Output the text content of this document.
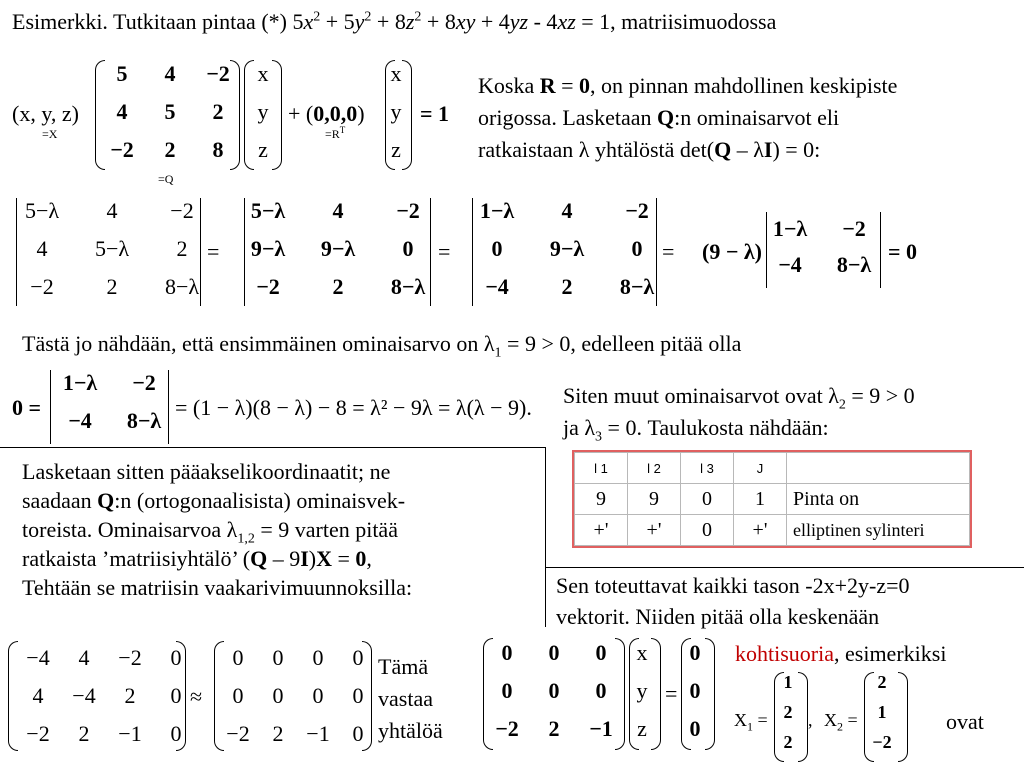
Esimerkki. Tutkitaan pintaa (*) $5x^2 + 5y^2 + 8z^2 + 8xy + 4yz - 4xz = 1$, matriisimuodossa
(x, y, z)
=X
5	4	−2
4	5	2
−2	2	8
=Q
x
y
z
+ (0,0,0)
$=R^T$
x
y
z
= 1
Koska R = 0, on pinnan mahdollinen keskipiste
origossa. Lasketaan Q:n ominaisarvot eli
ratkaistaan λ yhtälöstä det(Q – λI) = 0:
5−λ	4	−2
4	5−λ	2
−2	2	8−λ
=
5−λ	4	−2
9−λ	9−λ	0
−2	2	8−λ
=
1−λ	4	−2
0	9−λ	0
−4	2	8−λ
= (9 − λ)
1−λ	−2
−4	8−λ
= 0
Tästä jo nähdään, että ensimmäinen ominaisarvo on $\lambda_1 = 9 > 0$, edelleen pitää olla
0 =
1−λ	−2
−4	8−λ
= (1 − λ)(8 − λ) − 8 = λ² − 9λ = λ(λ − 9). Siten muut ominaisarvot ovat $\lambda_2 = 9 > 0$
ja $\lambda_3 = 0$. Taulukosta nähdään:
l 1	l 2	l 3	J	
9	9	0	1	Pinta on
+'	+'	0	+'	elliptinen sylinteri
Lasketaan sitten pääakselikoordinaatit; ne
saadaan Q:n (ortogonaalisista) ominaisvek-
toreista. Ominaisarvoa $\lambda_{1,2} = 9$ varten pitää
ratkaista ’matriisiyhtälö’ (Q – 9I)X = 0,
Tehtään se matriisin vaakarivimuunnoksilla:	Sen toteuttavat kaikki tason -2x+2y-z=0
vektorit. Niiden pitää olla keskenään
kohtisuoria, esimerkiksi
−4	4	−2	0
4	−4	2	0
−2	2	−1	0
≈
0	0	0	0
0	0	0	0
−2	2	−1	0
Tämä
vastaa
yhtälöä
0	0	0
0	0	0
−2	2	−1
x
y
z
=
0
0
0	$X_1$ =
1
2
2
, $X_2$ =
2
1
−2
ovat
